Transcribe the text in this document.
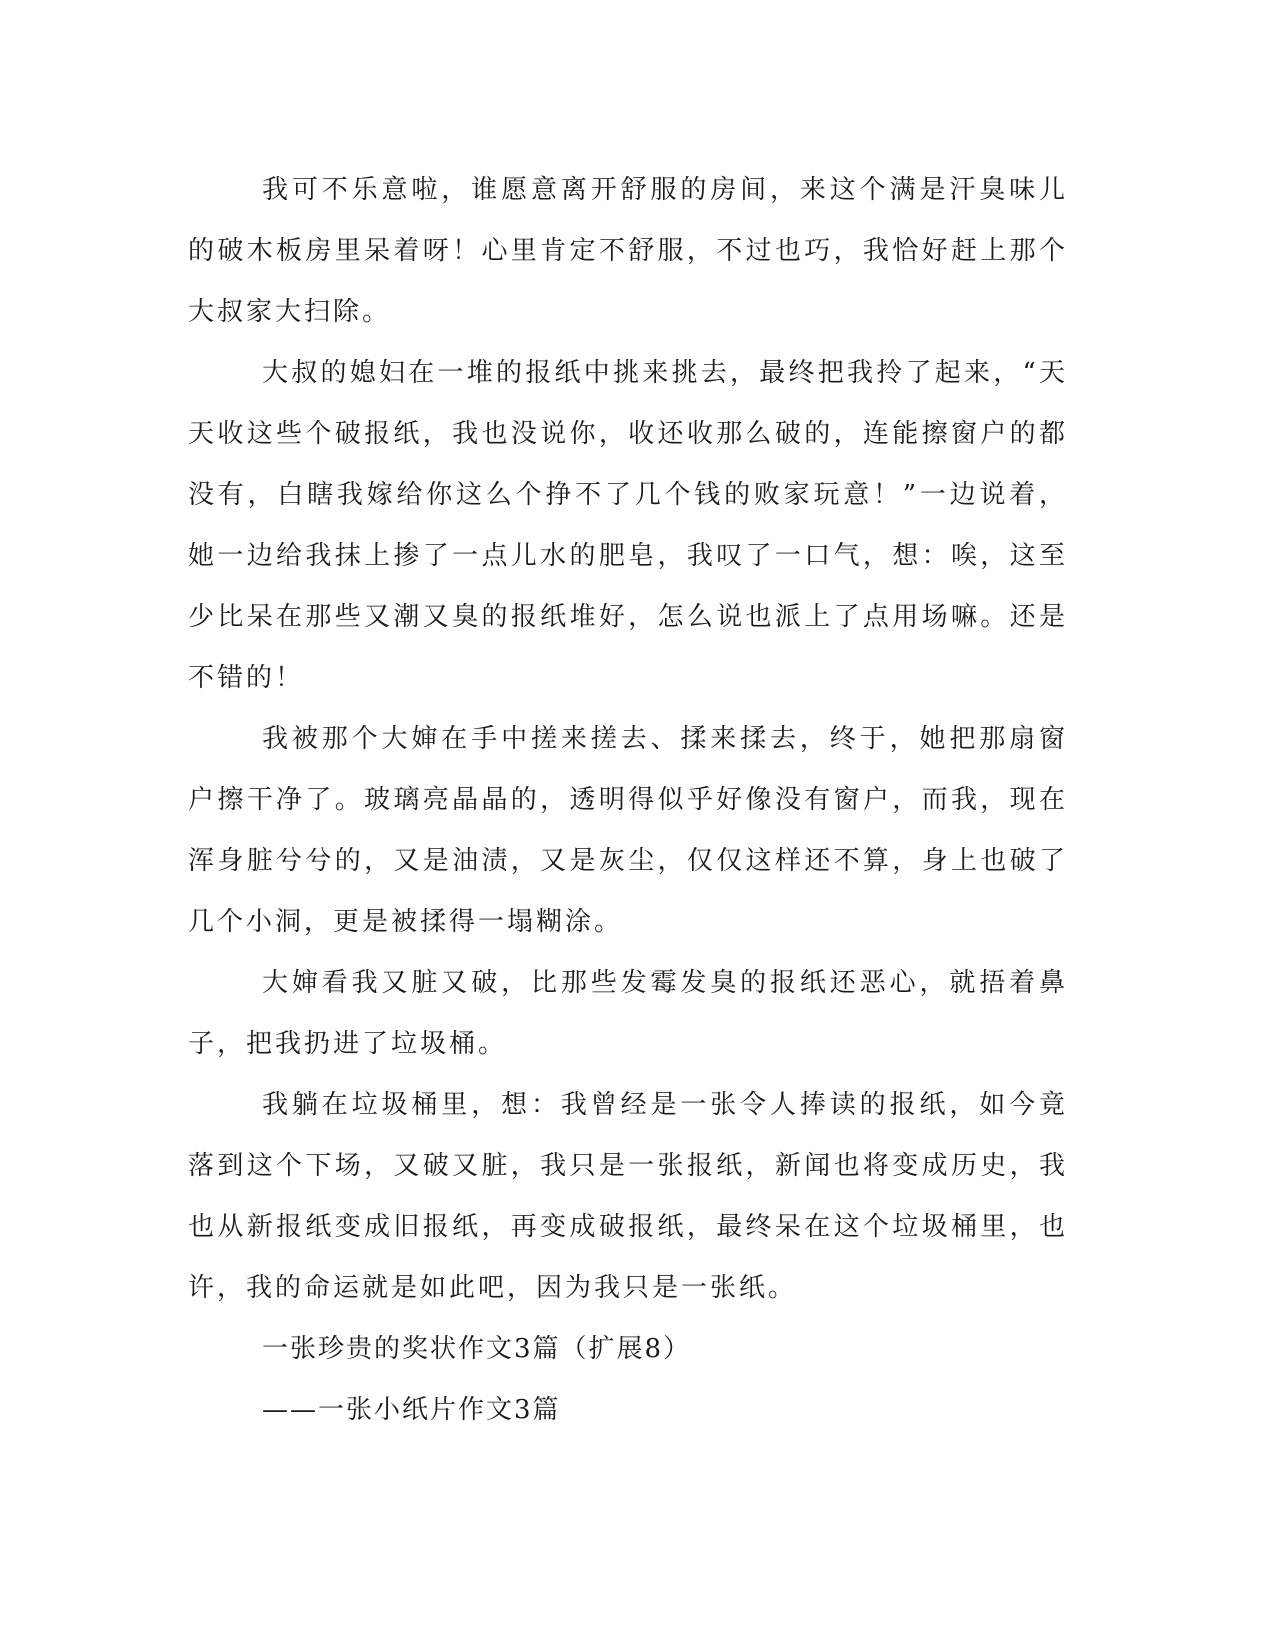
我可不乐意啦，谁愿意离开舒服的房间，来这个满是汗臭味儿的破木板房里呆着呀！心里肯定不舒服，不过也巧，我恰好赶上那个大叔家大扫除。

大叔的媳妇在一堆的报纸中挑来挑去，最终把我拎了起来，“天天收这些个破报纸，我也没说你，收还收那么破的，连能擦窗户的都没有，白瞎我嫁给你这么个挣不了几个钱的败家玩意！”一边说着，她一边给我抹上掺了一点儿水的肥皂，我叹了一口气，想：唉，这至少比呆在那些又潮又臭的报纸堆好，怎么说也派上了点用场嘛。还是不错的！

我被那个大婶在手中搓来搓去、揉来揉去，终于，她把那扇窗户擦干净了。玻璃亮晶晶的，透明得似乎好像没有窗户，而我，现在浑身脏兮兮的，又是油渍，又是灰尘，仅仅这样还不算，身上也破了几个小洞，更是被揉得一塌糊涂。

大婶看我又脏又破，比那些发霉发臭的报纸还恶心，就捂着鼻子，把我扔进了垃圾桶。

我躺在垃圾桶里，想：我曾经是一张令人捧读的报纸，如今竟落到这个下场，又破又脏，我只是一张报纸，新闻也将变成历史，我也从新报纸变成旧报纸，再变成破报纸，最终呆在这个垃圾桶里，也许，我的命运就是如此吧，因为我只是一张纸。

一张珍贵的奖状作文3篇（扩展8）

——一张小纸片作文3篇
